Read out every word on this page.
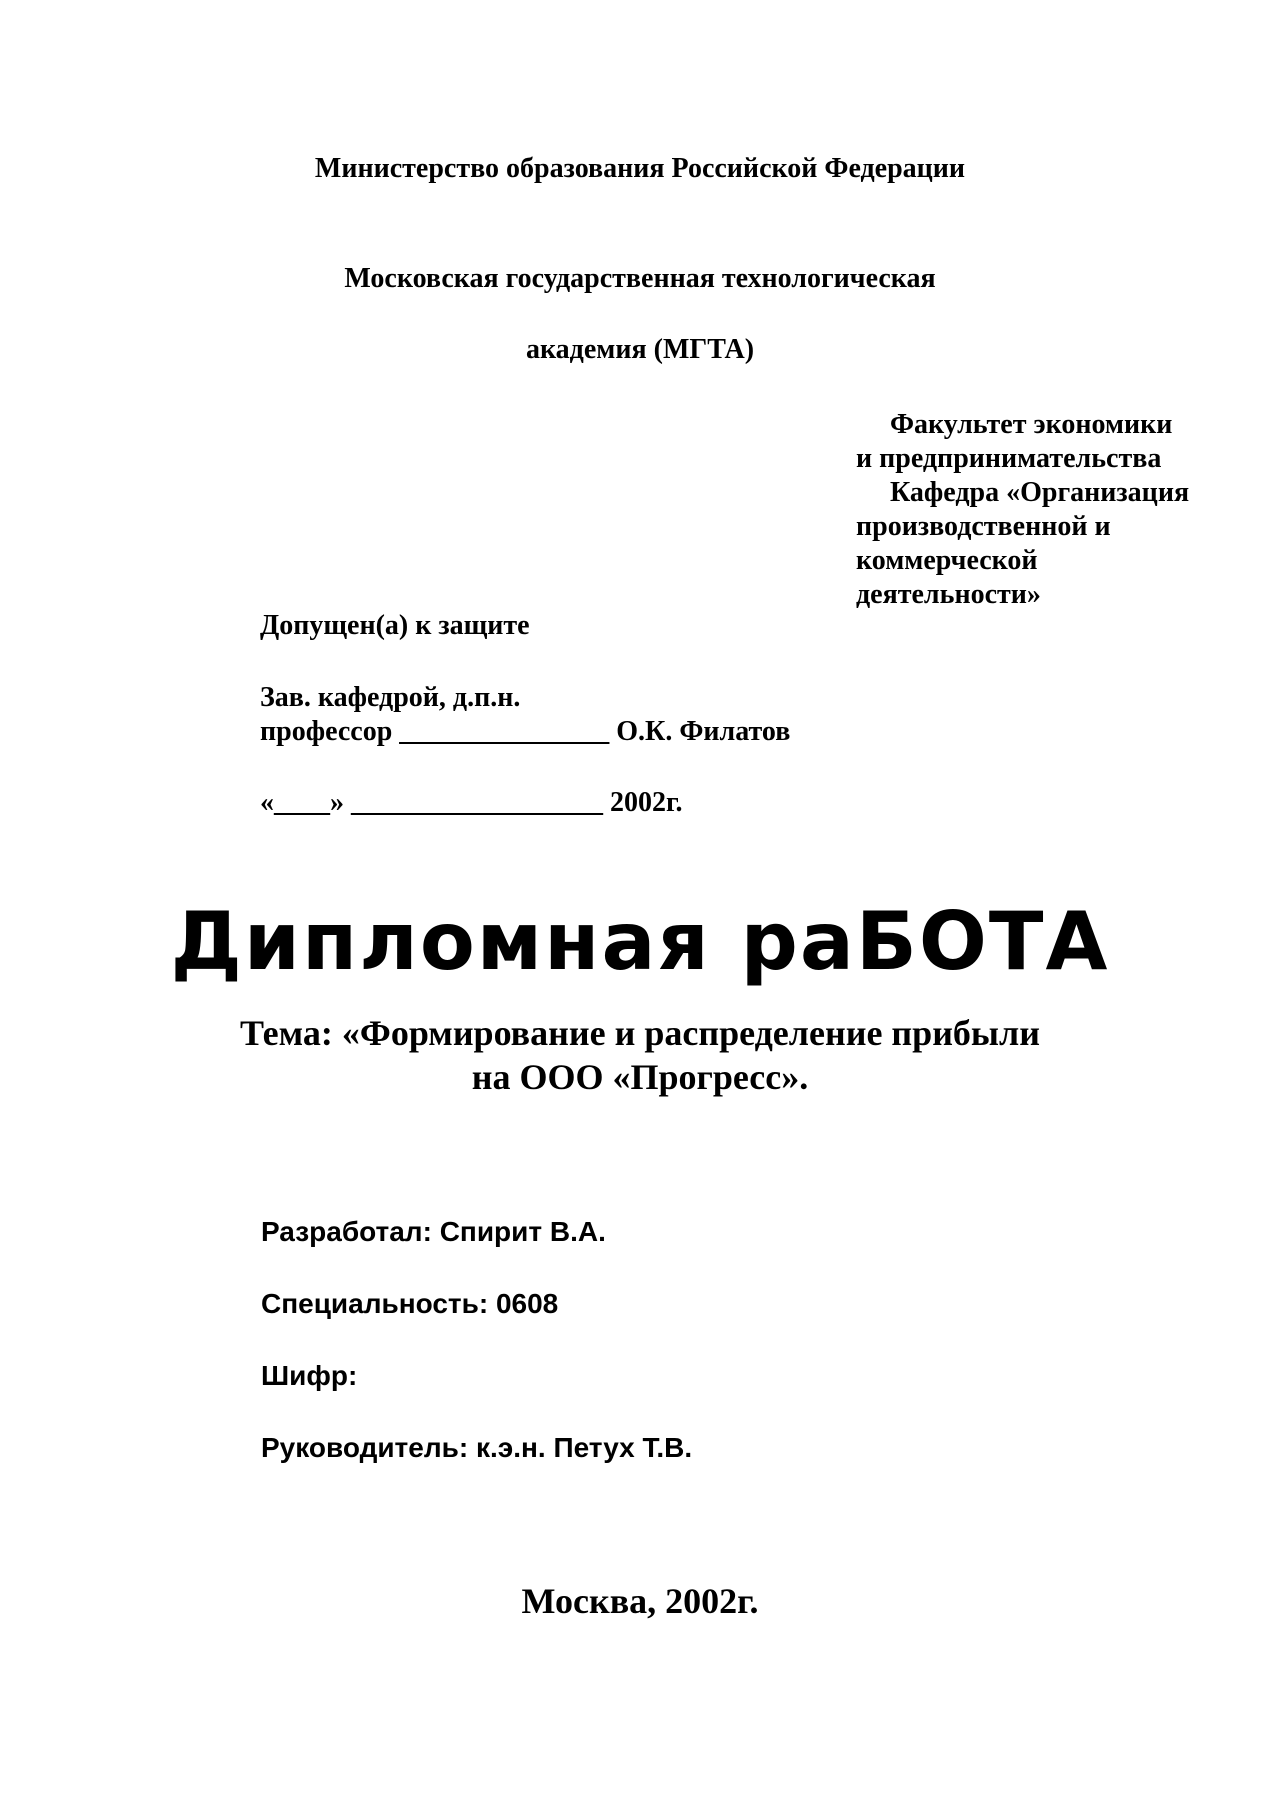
Министерство образования Российской Федерации

Московская государственная технологическая

академия (МГТА)

Факультет экономики

и предпринимательства

Кафедра «Организация

производственной и

коммерческой

деятельности»

Допущен(а) к защите

Зав. кафедрой, д.п.н.

профессор _______________ О.К. Филатов

«____» __________________ 2002г.

Дипломная раБОТА

Тема: «Формирование и распределение прибыли

на ООО «Прогресс».

Разработал: Спирит В.А.

Специальность: 0608

Шифр:

Руководитель: к.э.н. Петух Т.В.

Москва, 2002г.
